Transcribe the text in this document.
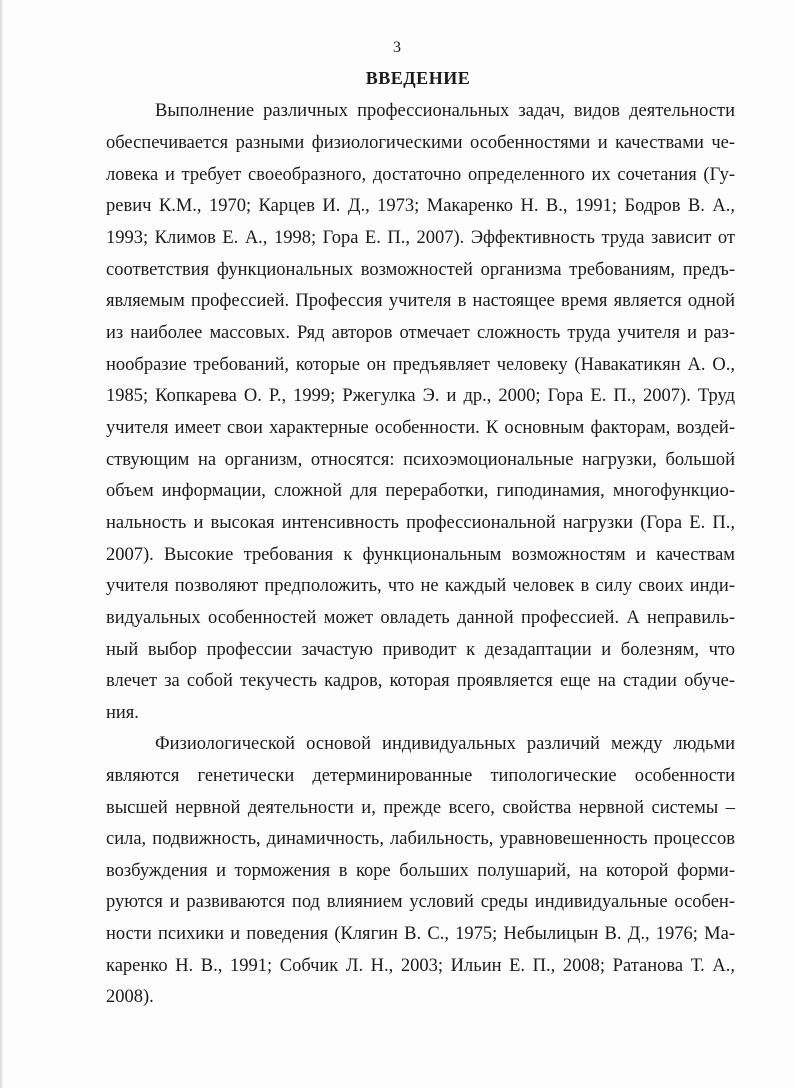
3
ВВЕДЕНИЕ
Выполнение различных профессиональных задач, видов деятельности
обеспечивается разными физиологическими особенностями и качествами че-
ловека и требует своеобразного, достаточно определенного их сочетания (Гу-
ревич К.М., 1970; Карцев И. Д., 1973; Макаренко Н. В., 1991; Бодров В. А.,
1993; Климов Е. А., 1998; Гора Е. П., 2007). Эффективность труда зависит от
соответствия функциональных возможностей организма требованиям, предъ-
являемым профессией. Профессия учителя в настоящее время является одной
из наиболее массовых. Ряд авторов отмечает сложность труда учителя и раз-
нообразие требований, которые он предъявляет человеку (Навакатикян А. О.,
1985; Копкарева О. Р., 1999; Ржегулка Э. и др., 2000; Гора Е. П., 2007). Труд
учителя имеет свои характерные особенности. К основным факторам, воздей-
ствующим на организм, относятся: психоэмоциональные нагрузки, большой
объем информации, сложной для переработки, гиподинамия, многофункцио-
нальность и высокая интенсивность профессиональной нагрузки (Гора Е. П.,
2007). Высокие требования к функциональным возможностям и качествам
учителя позволяют предположить, что не каждый человек в силу своих инди-
видуальных особенностей может овладеть данной профессией. А неправиль-
ный выбор профессии зачастую приводит к дезадаптации и болезням, что
влечет за собой текучесть кадров, которая проявляется еще на стадии обуче-
ния.
Физиологической основой индивидуальных различий между людьми
являются генетически детерминированные типологические особенности
высшей нервной деятельности и, прежде всего, свойства нервной системы –
сила, подвижность, динамичность, лабильность, уравновешенность процессов
возбуждения и торможения в коре больших полушарий, на которой форми-
руются и развиваются под влиянием условий среды индивидуальные особен-
ности психики и поведения (Клягин В. С., 1975; Небылицын В. Д., 1976; Ма-
каренко Н. В., 1991; Собчик Л. Н., 2003; Ильин Е. П., 2008; Ратанова Т. А.,
2008).
